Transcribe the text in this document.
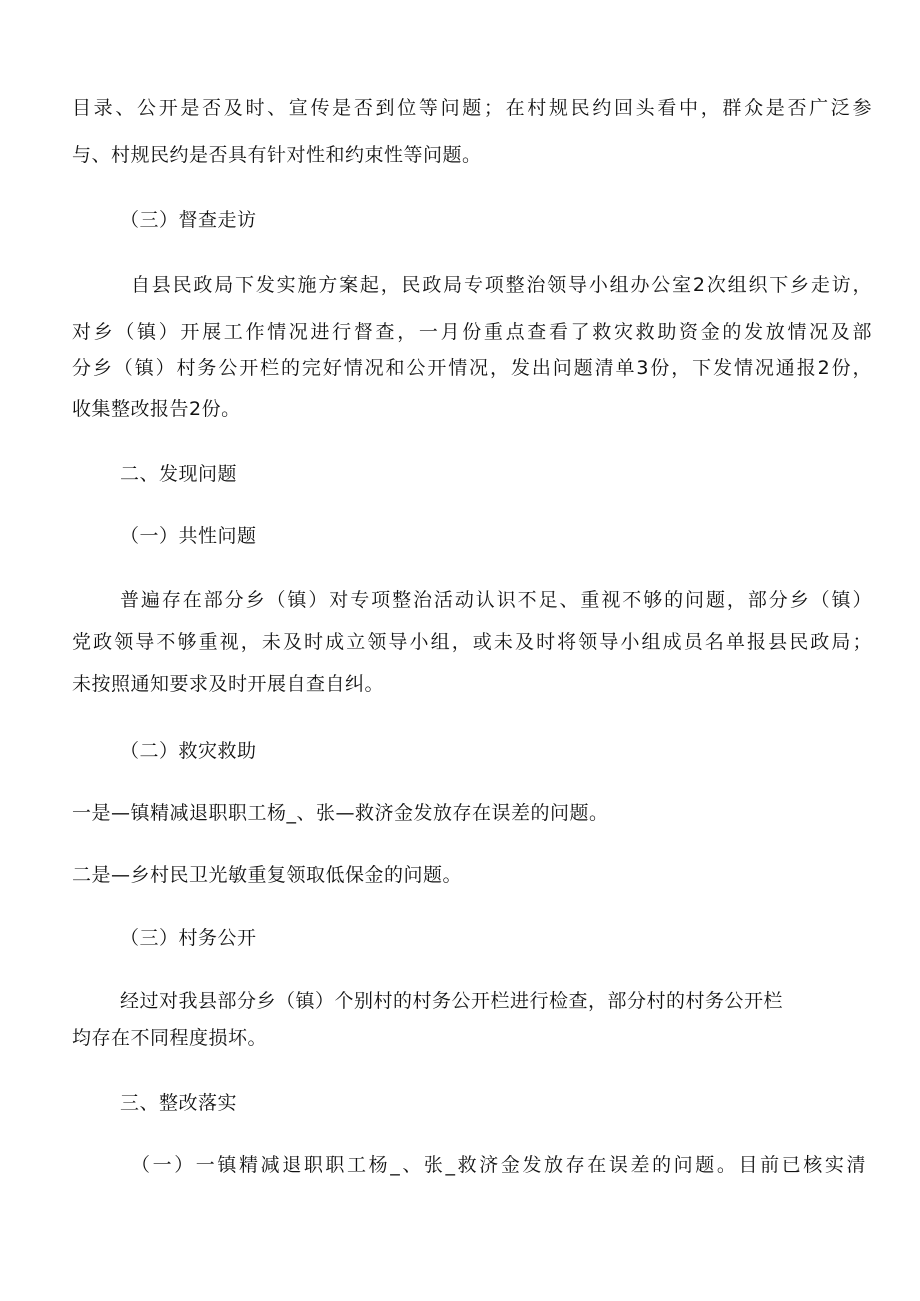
目录、公开是否及时、宣传是否到位等问题；在村规民约回头看中，群众是否广泛参
与、村规民约是否具有针对性和约束性等问题。
（三）督查走访
自县民政局下发实施方案起，民政局专项整治领导小组办公室2次组织下乡走访，
对乡（镇）开展工作情况进行督查，一月份重点查看了救灾救助资金的发放情况及部
分乡（镇）村务公开栏的完好情况和公开情况，发出问题清单3份，下发情况通报2份，
收集整改报告2份。
二、发现问题
（一）共性问题
普遍存在部分乡（镇）对专项整治活动认识不足、重视不够的问题，部分乡（镇）
党政领导不够重视，未及时成立领导小组，或未及时将领导小组成员名单报县民政局；
未按照通知要求及时开展自查自纠。
（二）救灾救助
一是—镇精减退职职工杨_、张—救济金发放存在误差的问题。
二是—乡村民卫光敏重复领取低保金的问题。
（三）村务公开
经过对我县部分乡（镇）个别村的村务公开栏进行检查，部分村的村务公开栏
均存在不同程度损坏。
三、整改落实
（一）一镇精减退职职工杨_、张_救济金发放存在误差的问题。目前已核实清
